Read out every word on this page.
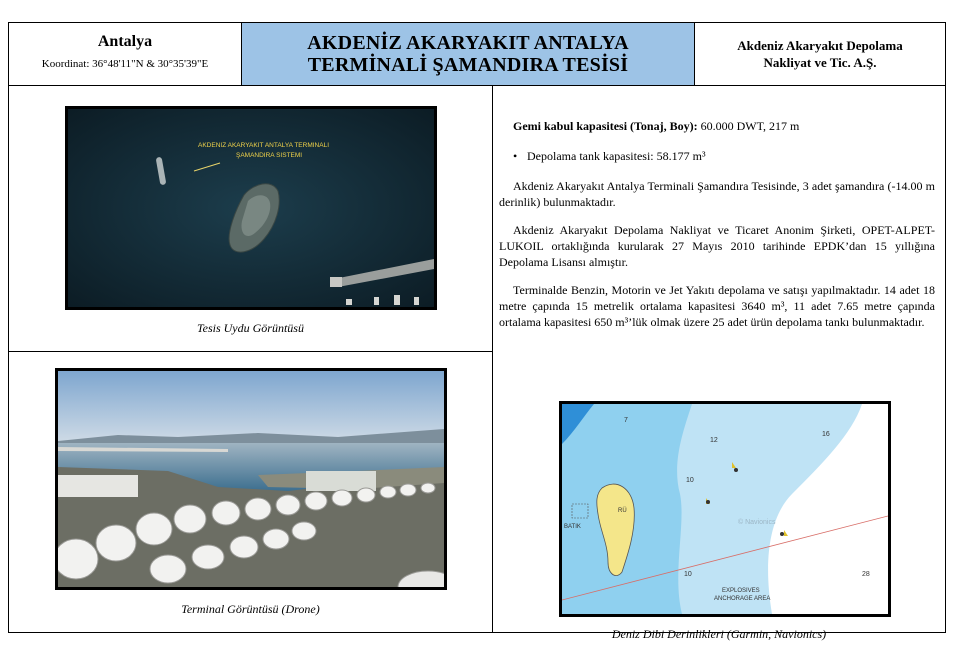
Antalya
Koordinat: 36°48'11"N & 30°35'39"E
AKDENİZ AKARYAKIT ANTALYA
TERMİNALİ ŞAMANDIRA TESİSİ
Akdeniz Akaryakıt Depolama
Nakliyat ve Tic. A.Ş.
AKDENIZ AKARYAKIT ANTALYA TERMINALI
ŞAMANDIRA SISTEMI
Tesis Uydu Görüntüsü
Terminal Görüntüsü (Drone)
Gemi kabul kapasitesi (Tonaj, Boy): 60.000 DWT, 217 m
• Depolama tank kapasitesi: 58.177 m³

Akdeniz Akaryakıt Antalya Terminali Şamandıra Tesisinde, 3 adet şamandıra (-14.00 m derinlik) bulunmaktadır.

Akdeniz Akaryakıt Depolama Nakliyat ve Ticaret Anonim Şirketi, OPET-ALPET-LUKOIL ortaklığında kurularak 27 Mayıs 2010 tarihinde EPDK’dan 15 yıllığına Depolama Lisansı almıştır.

Terminalde Benzin, Motorin ve Jet Yakıtı depolama ve satışı yapılmaktadır. 14 adet 18 metre çapında 15 metrelik ortalama kapasitesi 3640 m³, 11 adet 7.65 metre çapında ortalama kapasitesi 650 m³’lük olmak üzere 25 adet ürün depolama tankı bulunmaktadır.

7
12
16
10
10	28
RÜ
BATIK
EXPLOSIVES
ANCHORAGE AREA
© Navionics
Deniz Dibi Derinlikleri (Garmin, Navionics)
